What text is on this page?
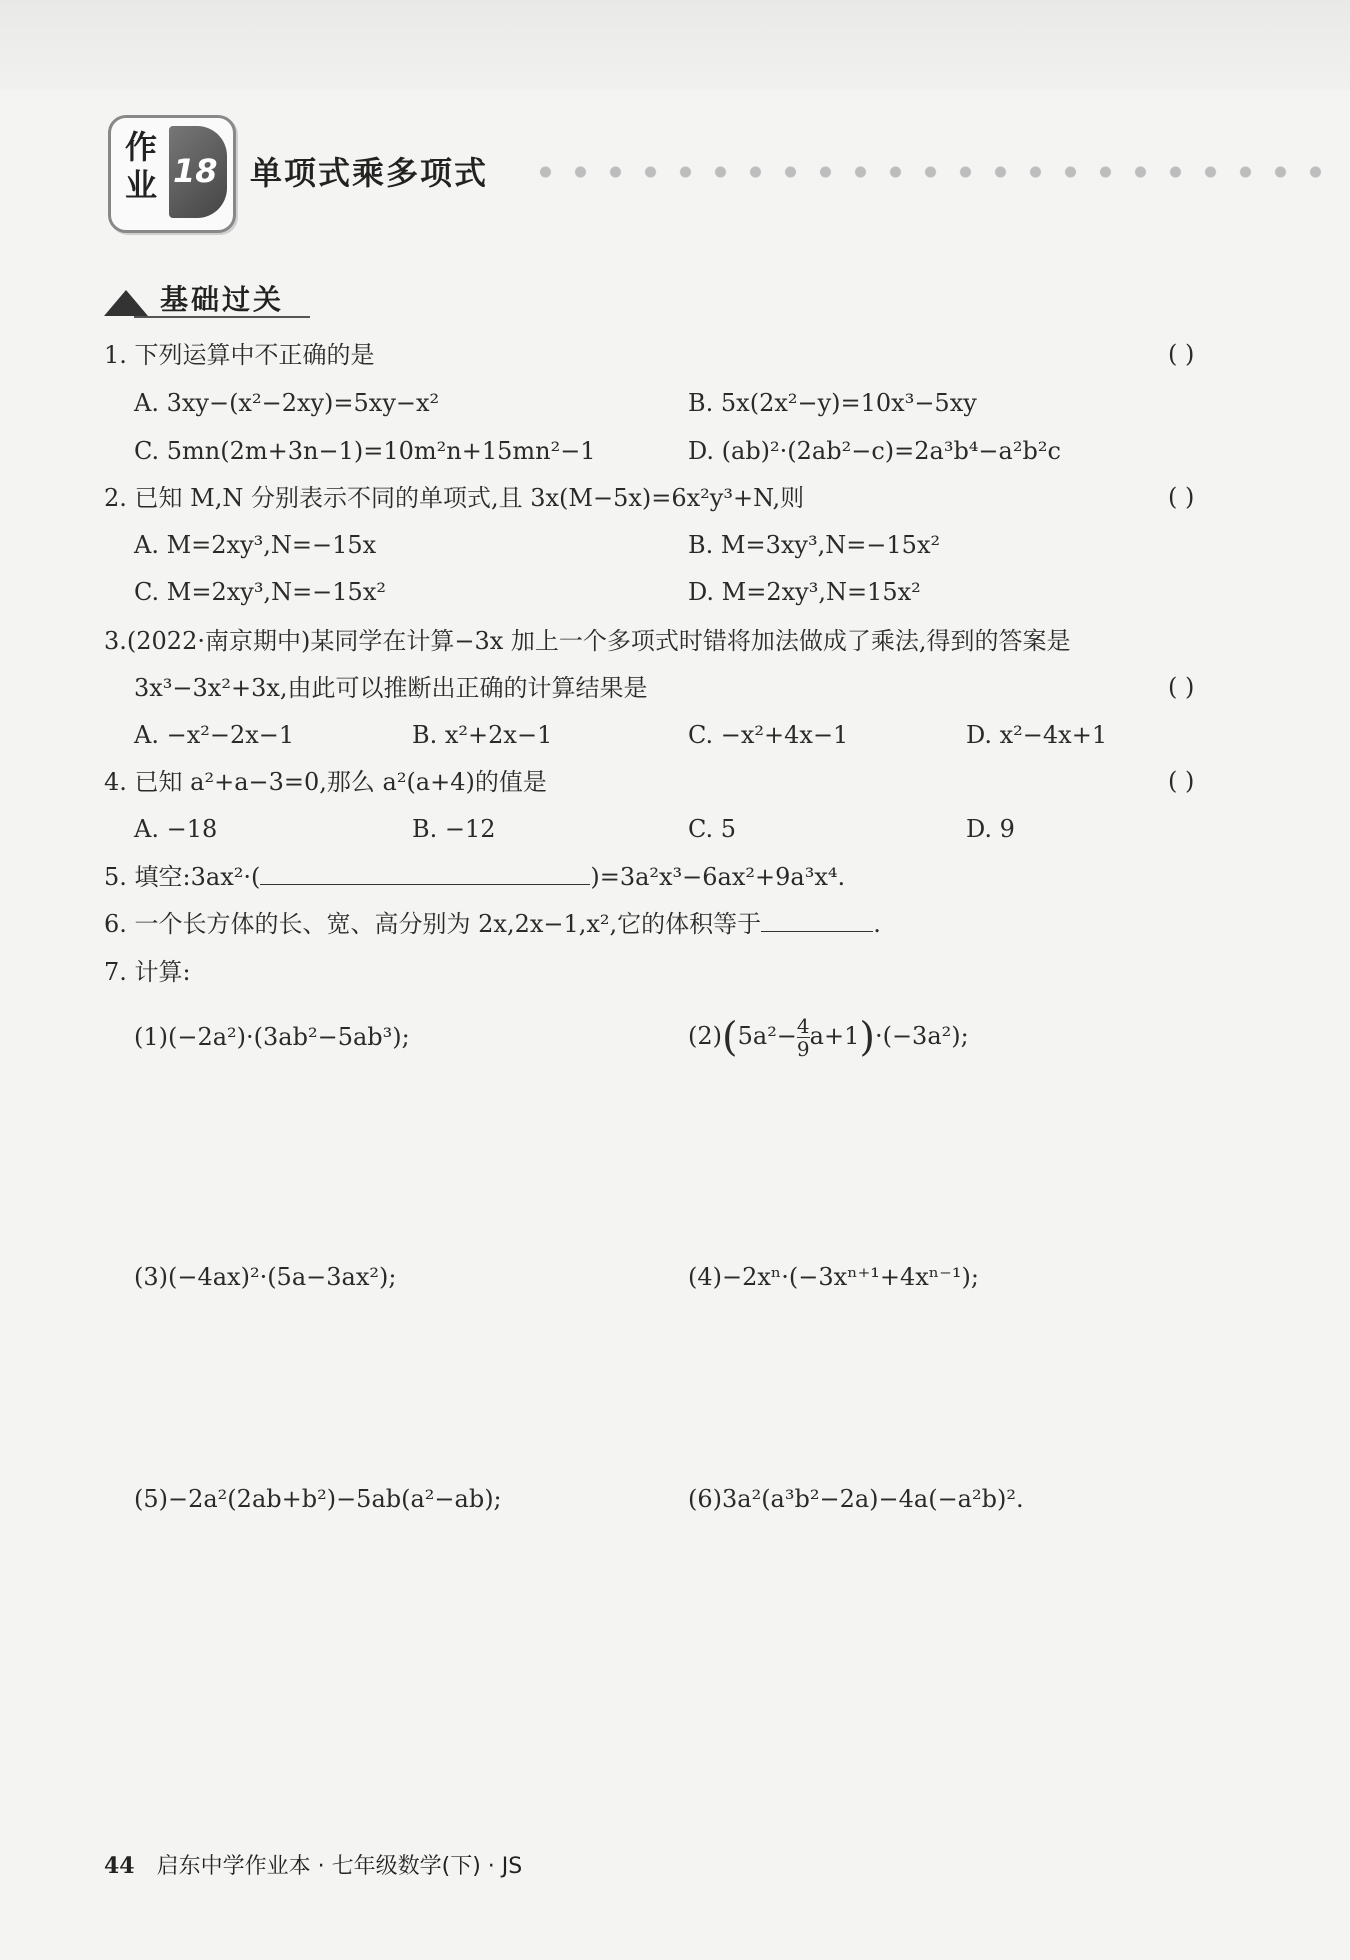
作业 18 单项式乘多项式
基础过关
1. 下列运算中不正确的是	( )
A. 3xy−(x²−2xy)=5xy−x²	B. 5x(2x²−y)=10x³−5xy
C. 5mn(2m+3n−1)=10m²n+15mn²−1	D. (ab)²·(2ab²−c)=2a³b⁴−a²b²c
2. 已知 M,N 分别表示不同的单项式,且 3x(M−5x)=6x²y³+N,则	( )
A. M=2xy³,N=−15x	B. M=3xy³,N=−15x²
C. M=2xy³,N=−15x²	D. M=2xy³,N=15x²
3.(2022·南京期中)某同学在计算−3x 加上一个多项式时错将加法做成了乘法,得到的答案是
3x³−3x²+3x,由此可以推断出正确的计算结果是	( )
A. −x²−2x−1	B. x²+2x−1	C. −x²+4x−1	D. x²−4x+1
4. 已知 a²+a−3=0,那么 a²(a+4)的值是	( )
A. −18	B. −12	C. 5	D. 9
5. 填空:3ax²·(	)=3a²x³−6ax²+9a³x⁴.
6. 一个长方体的长、宽、高分别为 2x,2x−1,x²,它的体积等于	.
7. 计算:
(1)(−2a²)·(3ab²−5ab³);	$(2)(5a^2- \frac{4}{9} a+1)\cdot(-3a^2)$;
(3)(−4ax)²·(5a−3ax²);	(4)−2xⁿ·(−3xⁿ⁺¹+4xⁿ⁻¹);
(5)−2a²(2ab+b²)−5ab(a²−ab);	(6)3a²(a³b²−2a)−4a(−a²b)².
44 启东中学作业本 · 七年级数学(下) · JS
